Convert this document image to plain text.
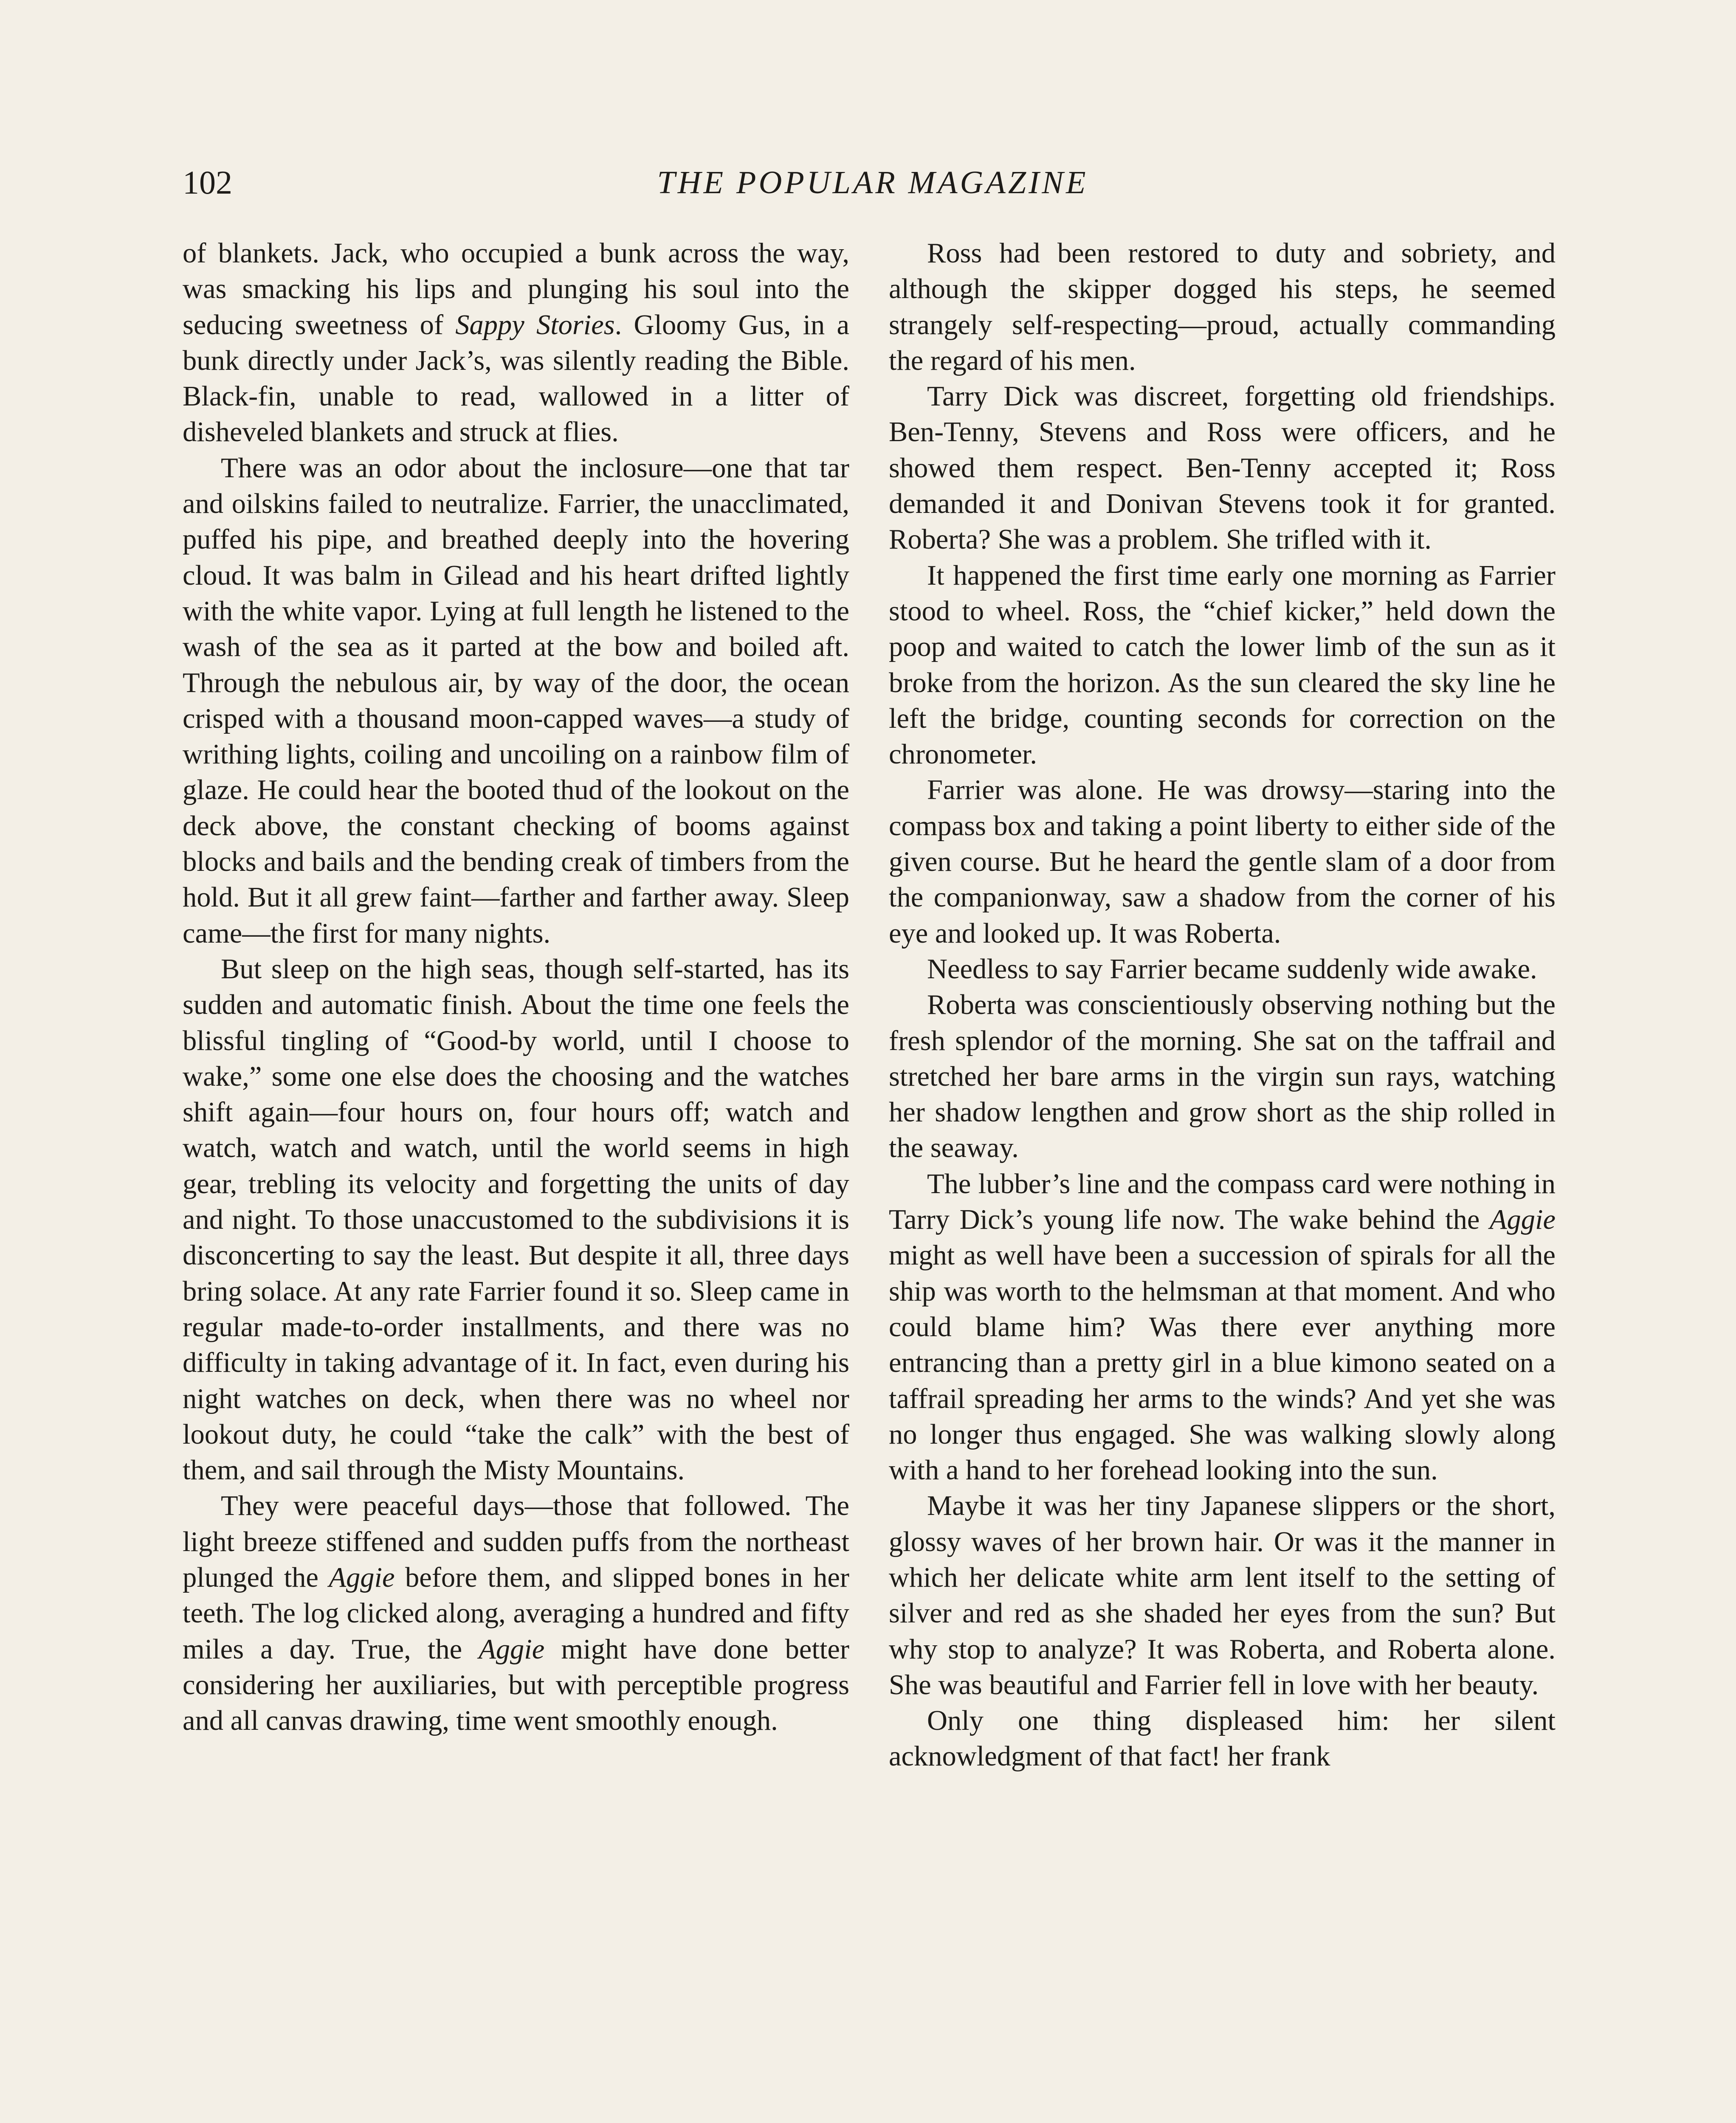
102	THE POPULAR MAGAZINE

of blankets. Jack, who occupied a bunk across the way, was smacking his lips and plunging his soul into the seducing sweetness of Sappy Stories. Gloomy Gus, in a bunk directly under Jack’s, was silently reading the Bible. Black-fin, unable to read, wallowed in a litter of disheveled blankets and struck at flies.

There was an odor about the inclosure—one that tar and oilskins failed to neutralize. Farrier, the unacclimated, puffed his pipe, and breathed deeply into the hovering cloud. It was balm in Gilead and his heart drifted lightly with the white vapor. Lying at full length he listened to the wash of the sea as it parted at the bow and boiled aft. Through the nebulous air, by way of the door, the ocean crisped with a thousand moon-capped waves—a study of writhing lights, coiling and uncoiling on a rainbow film of glaze. He could hear the booted thud of the lookout on the deck above, the constant checking of booms against blocks and bails and the bending creak of timbers from the hold. But it all grew faint—farther and farther away. Sleep came—the first for many nights.

But sleep on the high seas, though self-started, has its sudden and automatic finish. About the time one feels the blissful tingling of “Good-by world, until I choose to wake,” some one else does the choosing and the watches shift again—four hours on, four hours off; watch and watch, watch and watch, until the world seems in high gear, trebling its velocity and forgetting the units of day and night. To those unaccustomed to the subdivisions it is disconcerting to say the least. But despite it all, three days bring solace. At any rate Farrier found it so. Sleep came in regular made-to-order installments, and there was no difficulty in taking advantage of it. In fact, even during his night watches on deck, when there was no wheel nor lookout duty, he could “take the calk” with the best of them, and sail through the Misty Mountains.

They were peaceful days—those that followed. The light breeze stiffened and sudden puffs from the northeast plunged the Aggie before them, and slipped bones in her teeth. The log clicked along, averaging a hundred and fifty miles a day. True, the Aggie might have done better considering her auxiliaries, but with perceptible progress and all canvas drawing, time went smoothly enough.

Ross had been restored to duty and sobriety, and although the skipper dogged his steps, he seemed strangely self-respecting—proud, actually commanding the regard of his men.

Tarry Dick was discreet, forgetting old friendships. Ben-Tenny, Stevens and Ross were officers, and he showed them respect. Ben-Tenny accepted it; Ross demanded it and Donivan Stevens took it for granted. Roberta? She was a problem. She trifled with it.

It happened the first time early one morning as Farrier stood to wheel. Ross, the “chief kicker,” held down the poop and waited to catch the lower limb of the sun as it broke from the horizon. As the sun cleared the sky line he left the bridge, counting seconds for correction on the chronometer.

Farrier was alone. He was drowsy—staring into the compass box and taking a point liberty to either side of the given course. But he heard the gentle slam of a door from the companionway, saw a shadow from the corner of his eye and looked up. It was Roberta.

Needless to say Farrier became suddenly wide awake.

Roberta was conscientiously observing nothing but the fresh splendor of the morning. She sat on the taffrail and stretched her bare arms in the virgin sun rays, watching her shadow lengthen and grow short as the ship rolled in the seaway.

The lubber’s line and the compass card were nothing in Tarry Dick’s young life now. The wake behind the Aggie might as well have been a succession of spirals for all the ship was worth to the helmsman at that moment. And who could blame him? Was there ever anything more entrancing than a pretty girl in a blue kimono seated on a taffrail spreading her arms to the winds? And yet she was no longer thus engaged. She was walking slowly along with a hand to her forehead looking into the sun.

Maybe it was her tiny Japanese slippers or the short, glossy waves of her brown hair. Or was it the manner in which her delicate white arm lent itself to the setting of silver and red as she shaded her eyes from the sun? But why stop to analyze? It was Roberta, and Roberta alone. She was beautiful and Farrier fell in love with her beauty.

Only one thing displeased him: her silent acknowledgment of that fact! her frank
